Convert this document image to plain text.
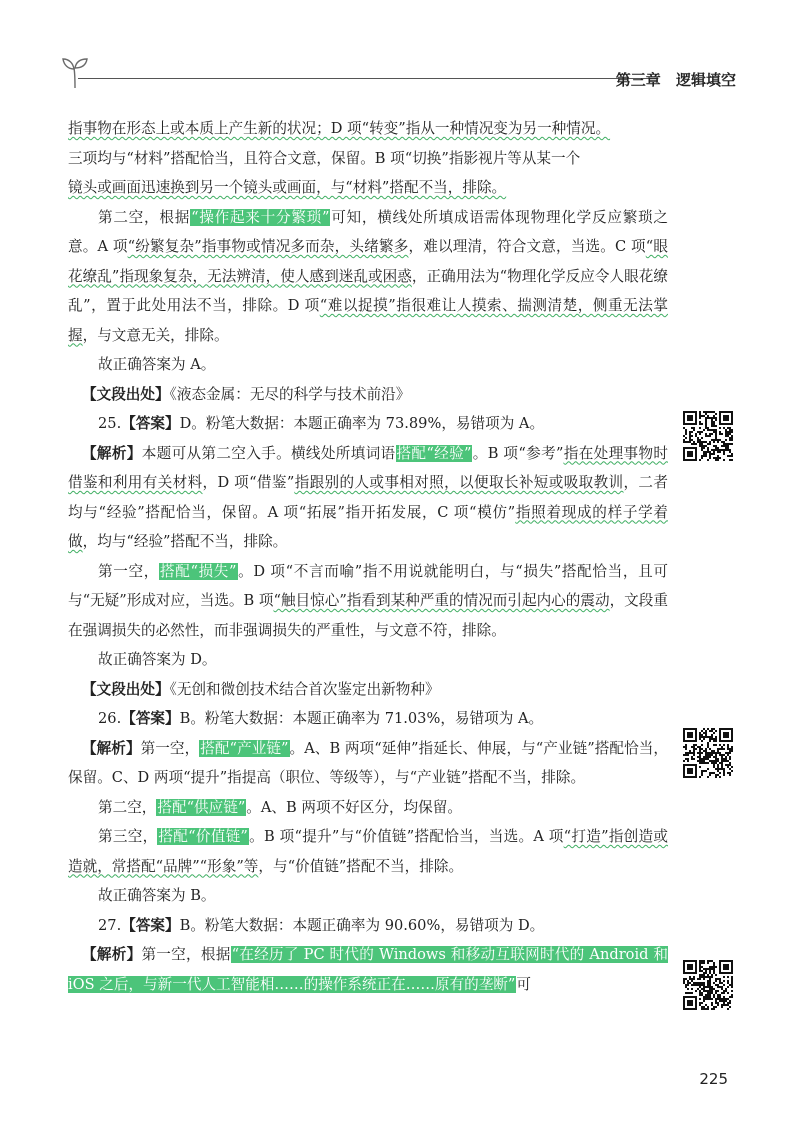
第三章 逻辑填空

指事物在形态上或本质上产生新的状况；D 项“转变”指从一种情况变为另一种情况。
三项均与“材料”搭配恰当，且符合文意，保留。B 项“切换”指影视片等从某一个
镜头或画面迅速换到另一个镜头或画面，与“材料”搭配不当，排除。

第二空，根据“操作起来十分繁琐”可知，横线处所填成语需体现物理化学反应繁琐之意。A 项“纷繁复杂”指事物或情况多而杂，头绪繁多，难以理清，符合文意，当选。C 项“眼花缭乱”指现象复杂，无法辨清，使人感到迷乱或困惑，正确用法为“物理化学反应令人眼花缭乱”，置于此处用法不当，排除。D 项“难以捉摸”指很难让人摸索、揣测清楚，侧重无法掌握，与文意无关，排除。

故正确答案为 A。

【文段出处】《液态金属：无尽的科学与技术前沿》

25.【答案】D。粉笔大数据：本题正确率为 73.89%，易错项为 A。

【解析】本题可从第二空入手。横线处所填词语搭配“经验”。B 项“参考”指在处理事物时借鉴和利用有关材料，D 项“借鉴”指跟别的人或事相对照，以便取长补短或吸取教训，二者均与“经验”搭配恰当，保留。A 项“拓展”指开拓发展，C 项“模仿”指照着现成的样子学着做，均与“经验”搭配不当，排除。

第一空，搭配“损失”。D 项“不言而喻”指不用说就能明白，与“损失”搭配恰当，且可与“无疑”形成对应，当选。B 项“触目惊心”指看到某种严重的情况而引起内心的震动，文段重在强调损失的必然性，而非强调损失的严重性，与文意不符，排除。

故正确答案为 D。

【文段出处】《无创和微创技术结合首次鉴定出新物种》

26.【答案】B。粉笔大数据：本题正确率为 71.03%，易错项为 A。

【解析】第一空，搭配“产业链”。A、B 两项“延伸”指延长、伸展，与“产业链”搭配恰当，保留。C、D 两项“提升”指提高（职位、等级等），与“产业链”搭配不当，排除。

第二空，搭配“供应链”。A、B 两项不好区分，均保留。

第三空，搭配“价值链”。B 项“提升”与“价值链”搭配恰当，当选。A 项“打造”指创造或造就，常搭配“品牌”“形象”等，与“价值链”搭配不当，排除。

故正确答案为 B。

27.【答案】B。粉笔大数据：本题正确率为 90.60%，易错项为 D。

【解析】第一空，根据“在经历了 PC 时代的 Windows 和移动互联网时代的 Android 和 iOS 之后，与新一代人工智能相……的操作系统正在……原有的垄断”可

225
